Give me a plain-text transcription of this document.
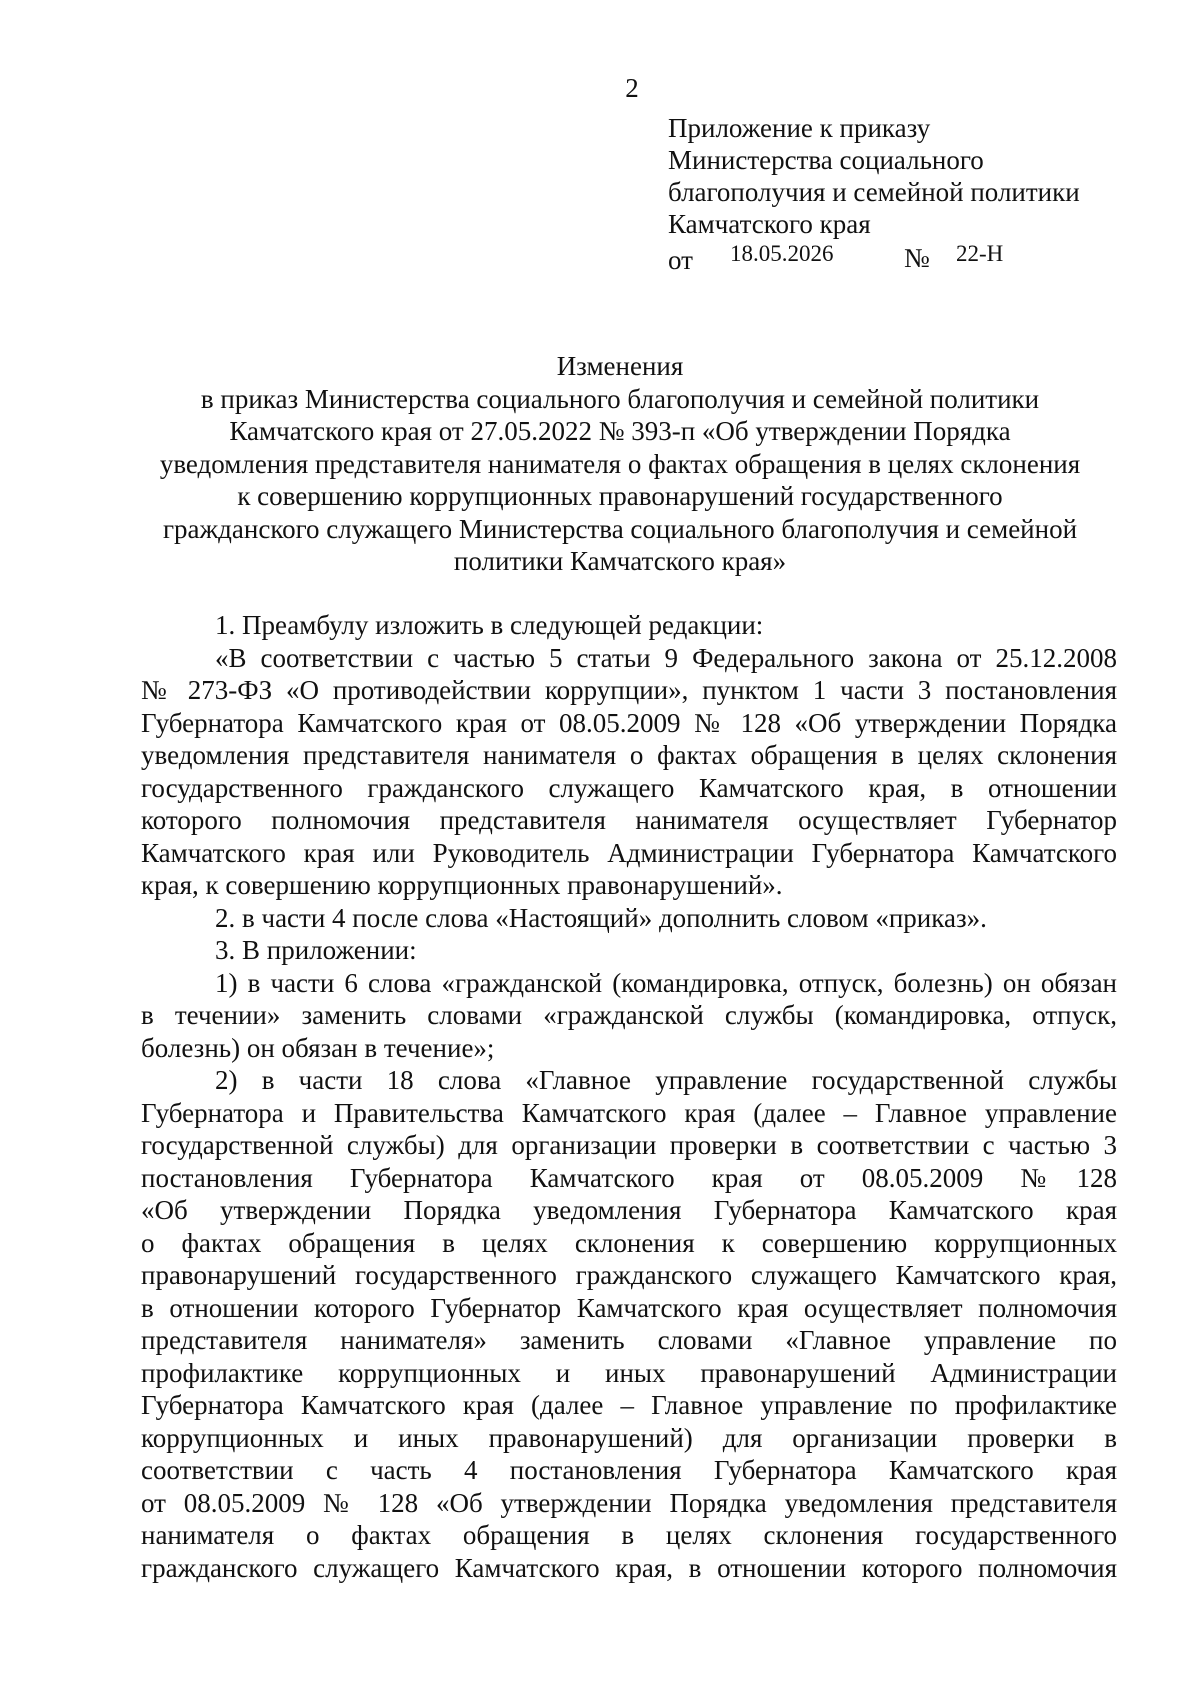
2
Приложение к приказу
Министерства социального
благополучия и семейной политики
Камчатского края
от 18.05.2026	№ 22-Н
Изменения
в приказ Министерства социального благополучия и семейной политики
Камчатского края от 27.05.2022 № 393-п «Об утверждении Порядка
уведомления представителя нанимателя о фактах обращения в целях склонения
к совершению коррупционных правонарушений государственного
гражданского служащего Министерства социального благополучия и семейной
политики Камчатского края»
1. Преамбулу изложить в следующей редакции:
«В соответствии с частью 5 статьи 9 Федерального закона от 25.12.2008
№ 273-ФЗ «О противодействии коррупции», пунктом 1 части 3 постановления
Губернатора Камчатского края от 08.05.2009 № 128 «Об утверждении Порядка
уведомления представителя нанимателя о фактах обращения в целях склонения
государственного гражданского служащего Камчатского края, в отношении
которого полномочия представителя нанимателя осуществляет Губернатор
Камчатского края или Руководитель Администрации Губернатора Камчатского
края, к совершению коррупционных правонарушений».
2. в части 4 после слова «Настоящий» дополнить словом «приказ».
3. В приложении:
1) в части 6 слова «гражданской (командировка, отпуск, болезнь) он обязан
в течении» заменить словами «гражданской службы (командировка, отпуск,
болезнь) он обязан в течение»;
2) в части 18 слова «Главное управление государственной службы
Губернатора и Правительства Камчатского края (далее – Главное управление
государственной службы) для организации проверки в соответствии с частью 3
постановления Губернатора Камчатского края от 08.05.2009 №128
«Об утверждении Порядка уведомления Губернатора Камчатского края
о фактах обращения в целях склонения к совершению коррупционных
правонарушений государственного гражданского служащего Камчатского края,
в отношении которого Губернатор Камчатского края осуществляет полномочия
представителя нанимателя» заменить словами «Главное управление по
профилактике коррупционных и иных правонарушений Администрации
Губернатора Камчатского края (далее – Главное управление по профилактике
коррупционных и иных правонарушений) для организации проверки в
соответствии с часть 4 постановления Губернатора Камчатского края
от 08.05.2009 № 128 «Об утверждении Порядка уведомления представителя
нанимателя о фактах обращения в целях склонения государственного
гражданского служащего Камчатского края, в отношении которого полномочия
